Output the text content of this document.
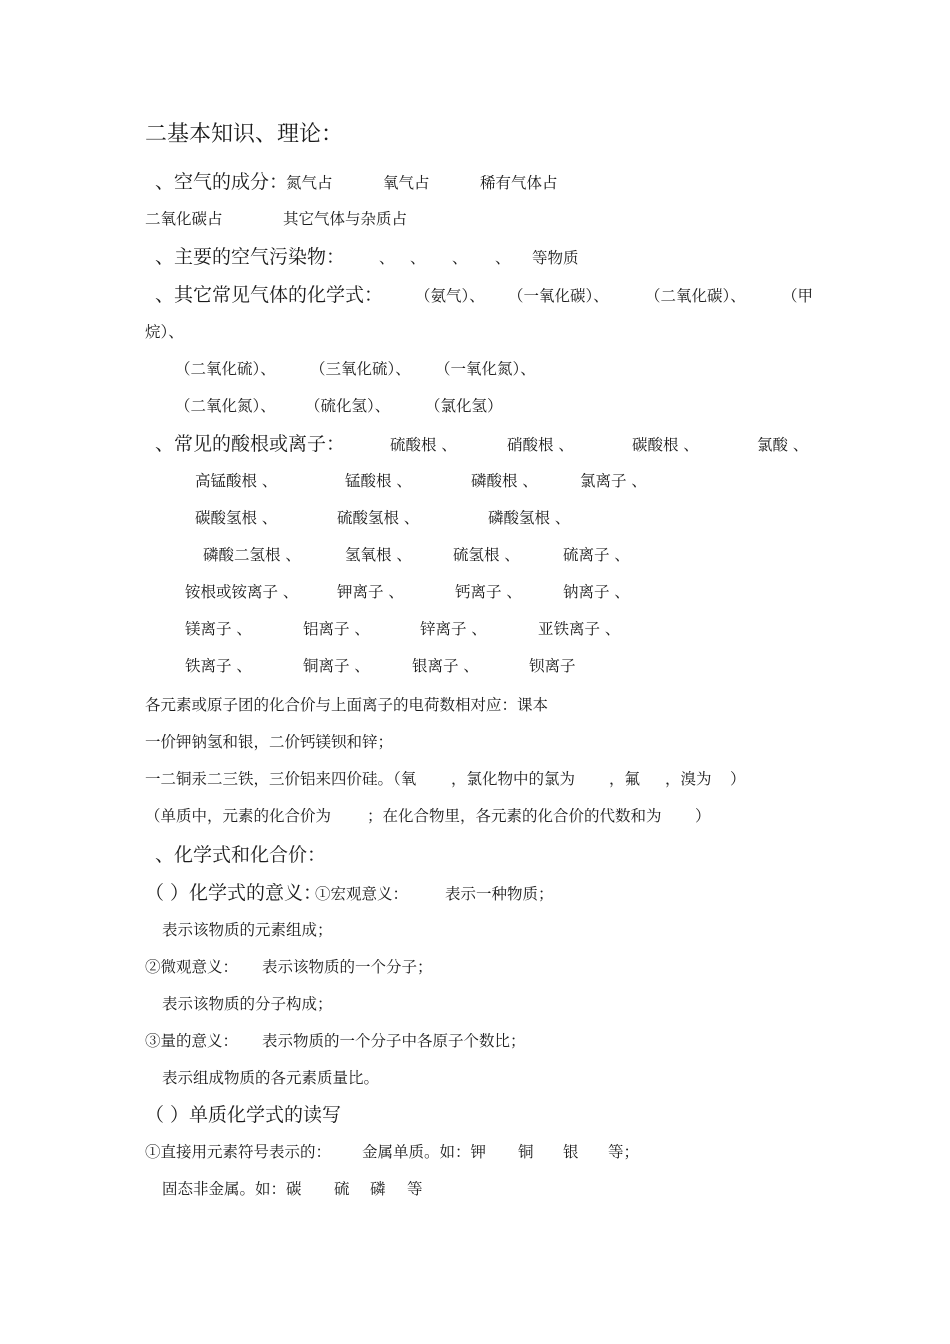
二基本知识、理论：
、空气的成分：
氮气占	氧气占	稀有气体占
二氧化碳占	其它气体与杂质占
、主要的空气污染物： 、 、 、 、 等物质
、其它常见气体的化学式： （氨气）、 （一氧化碳）、 （二氧化碳）、 （甲
烷）、
（二氧化硫）、 （三氧化硫）、 （一氧化氮）、
（二氧化氮）、 （硫化氢）、 （氯化氢）
、常见的酸根或离子：	硫酸根 、	硝酸根 、	碳酸根 、	氯酸 、
高锰酸根 、	锰酸根 、	磷酸根 、	氯离子 、
碳酸氢根 、	硫酸氢根 、	磷酸氢根 、
磷酸二氢根 、	氢氧根 、	硫氢根 、	硫离子 、
铵根或铵离子 、 钾离子 、	钙离子 、	钠离子 、
镁离子 、	铝离子 、	锌离子 、	亚铁离子 、
铁离子 、	铜离子 、	银离子 、	钡离子
各元素或原子团的化合价与上面离子的电荷数相对应：课本
一价钾钠氢和银，二价钙镁钡和锌；
一二铜汞二三铁，三价铝来四价硅。（氧 ，氯化物中的氯为 ，氟 ，溴为 ）
（单质中，元素的化合价为 ；在化合物里，各元素的化合价的代数和为 ）
、化学式和化合价：
（ ）化学式的意义：
①宏观意义： 表示一种物质；
表示该物质的元素组成；
②微观意义： 表示该物质的一个分子；
表示该物质的分子构成；
③量的意义： 表示物质的一个分子中各原子个数比；
表示组成物质的各元素质量比。
（ ）单质化学式的读写
①直接用元素符号表示的： 金属单质。如：钾 铜 银 等；
固态非金属。如：碳 硫 磷 等
